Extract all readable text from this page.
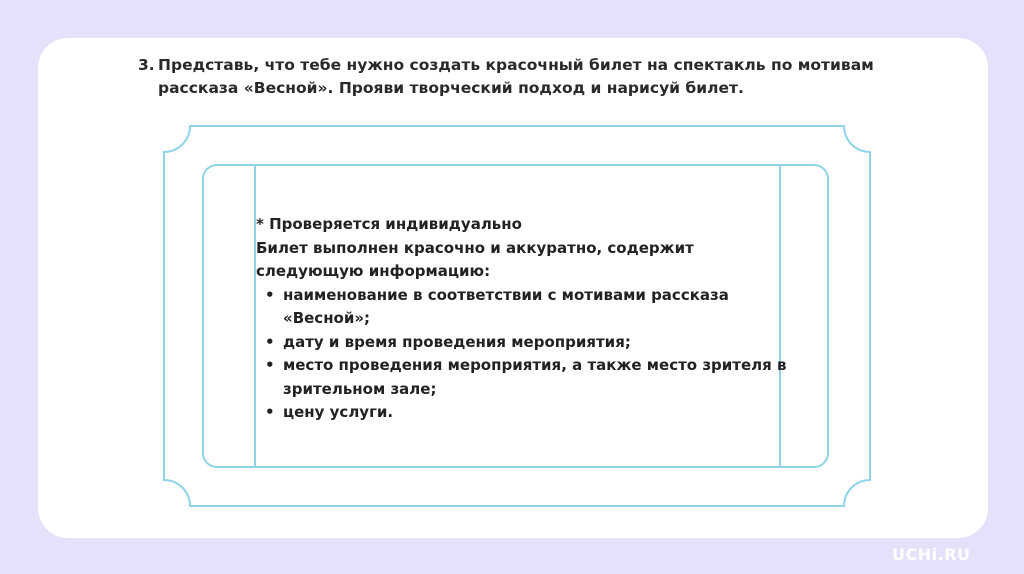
3. Представь, что тебе нужно создать красочный билет на спектакль по мотивам рассказа «Весной». Прояви творческий подход и нарисуй билет.

* Проверяется индивидуально

Билет выполнен красочно и аккуратно, содержит следующую информацию:

• наименование в соответствии с мотивами рассказа «Весной»;
• дату и время проведения мероприятия;
• место проведения мероприятия, а также место зрителя в зрительном зале;
• цену услуги.
UCHi.RU
